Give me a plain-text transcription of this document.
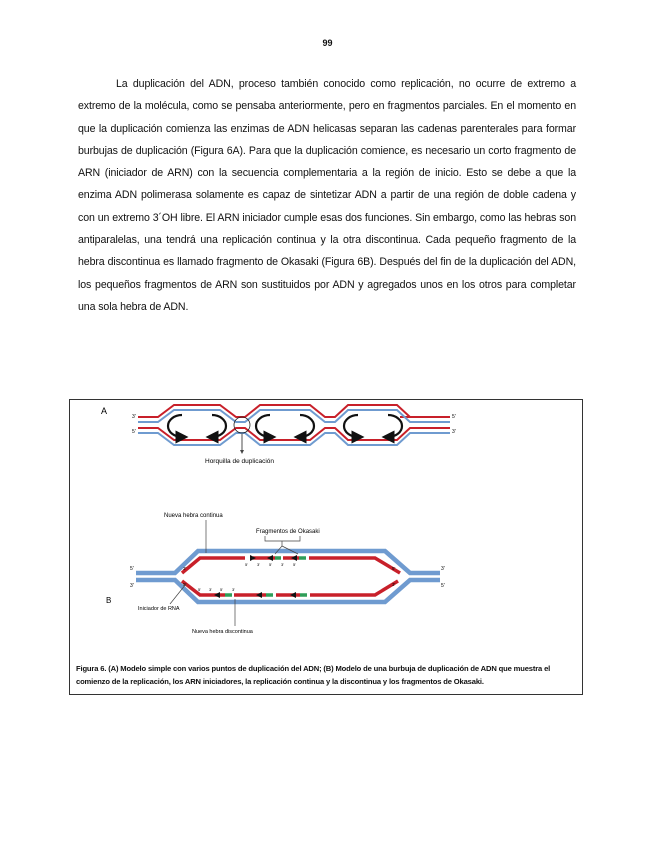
99

La duplicación del ADN, proceso también conocido como replicación, no ocurre de extremo a extremo de la molécula, como se pensaba anteriormente, pero en fragmentos parciales. En el momento en que la duplicación comienza las enzimas de ADN helicasas separan las cadenas parenterales para formar burbujas de duplicación (Figura 6A). Para que la duplicación comience, es necesario un corto fragmento de ARN (iniciador de ARN) con la secuencia complementaria a la región de inicio. Esto se debe a que la enzima ADN polimerasa solamente es capaz de sintetizar ADN a partir de una región de doble cadena y con un extremo 3´OH libre. El ARN iniciador cumple esas dos funciones. Sin embargo, como las hebras son antiparalelas, una tendrá una replicación continua y la otra discontinua. Cada pequeño fragmento de la hebra discontinua es llamado fragmento de Okasaki (Figura 6B). Después del fin de la duplicación del ADN, los pequeños fragmentos de ARN son sustituidos por ADN y agregados unos en los otros para completar una sola hebra de ADN.

A
3'
5'
5'
3'
Horquilla de duplicación
B
Nueva hebra continua
Fragmentos de Okasaki
Iniciador de RNA
Nueva hebra discontinua
5'
3'
3'
5'
3'
5'
5'
3'
5' 3' 5' 3' 5'
5' 3' 5' 3'

Figura 6. (A) Modelo simple con varios puntos de duplicación del ADN; (B) Modelo de una burbuja de duplicación de ADN que muestra el comienzo de la replicación, los ARN iniciadores, la replicación continua y la discontinua y los fragmentos de Okasaki.
